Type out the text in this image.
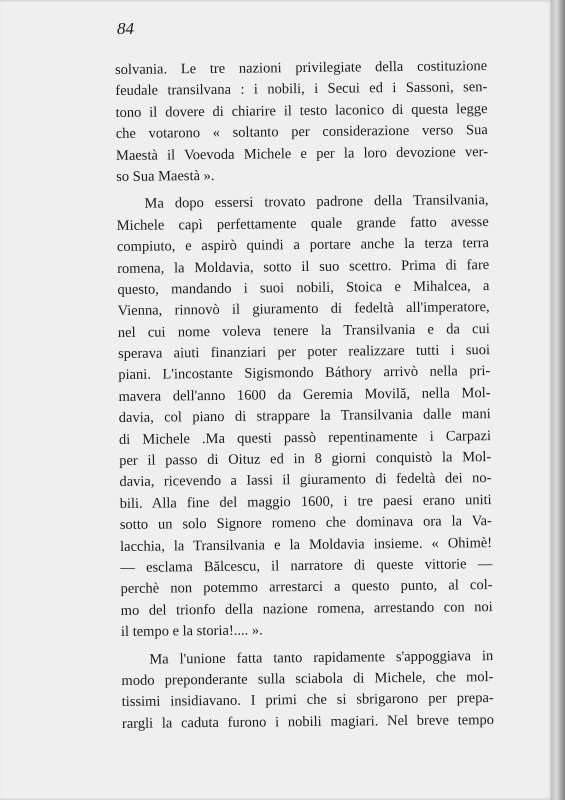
84
solvania. Le tre nazioni privilegiate della costituzione
feudale transilvana : i nobili, i Secui ed i Sassoni, sen-
tono il dovere di chiarire il testo laconico di questa legge
che votarono « soltanto per considerazione verso Sua
Maestà il Voevoda Michele e per la loro devozione ver-
so Sua Maestà ».
Ma dopo essersi trovato padrone della Transilvania,
Michele capì perfettamente quale grande fatto avesse
compiuto, e aspirò quindi a portare anche la terza terra
romena, la Moldavia, sotto il suo scettro. Prima di fare
questo, mandando i suoi nobili, Stoica e Mihalcea, a
Vienna, rinnovò il giuramento di fedeltà all'imperatore,
nel cui nome voleva tenere la Transilvania e da cui
sperava aiuti finanziari per poter realizzare tutti i suoi
piani. L'incostante Sigismondo Báthory arrivò nella pri-
mavera dell'anno 1600 da Geremia Movilă, nella Mol-
davia, col piano di strappare la Transilvania dalle mani
di Michele .Ma questi passò repentinamente i Carpazi
per il passo di Oituz ed in 8 giorni conquistò la Mol-
davia, ricevendo a Iassi il giuramento di fedeltà dei no-
bili. Alla fine del maggio 1600, i tre paesi erano uniti
sotto un solo Signore romeno che dominava ora la Va-
lacchia, la Transilvania e la Moldavia insieme. « Ohimè!
— esclama Bălcescu, il narratore di queste vittorie —
perchè non potemmo arrestarci a questo punto, al col-
mo del trionfo della nazione romena, arrestando con noi
il tempo e la storia!.... ».
Ma l'unione fatta tanto rapidamente s'appoggiava in
modo preponderante sulla sciabola di Michele, che mol-
tissimi insidiavano. I primi che si sbrigarono per prepa-
rargli la caduta furono i nobili magiari. Nel breve tempo
